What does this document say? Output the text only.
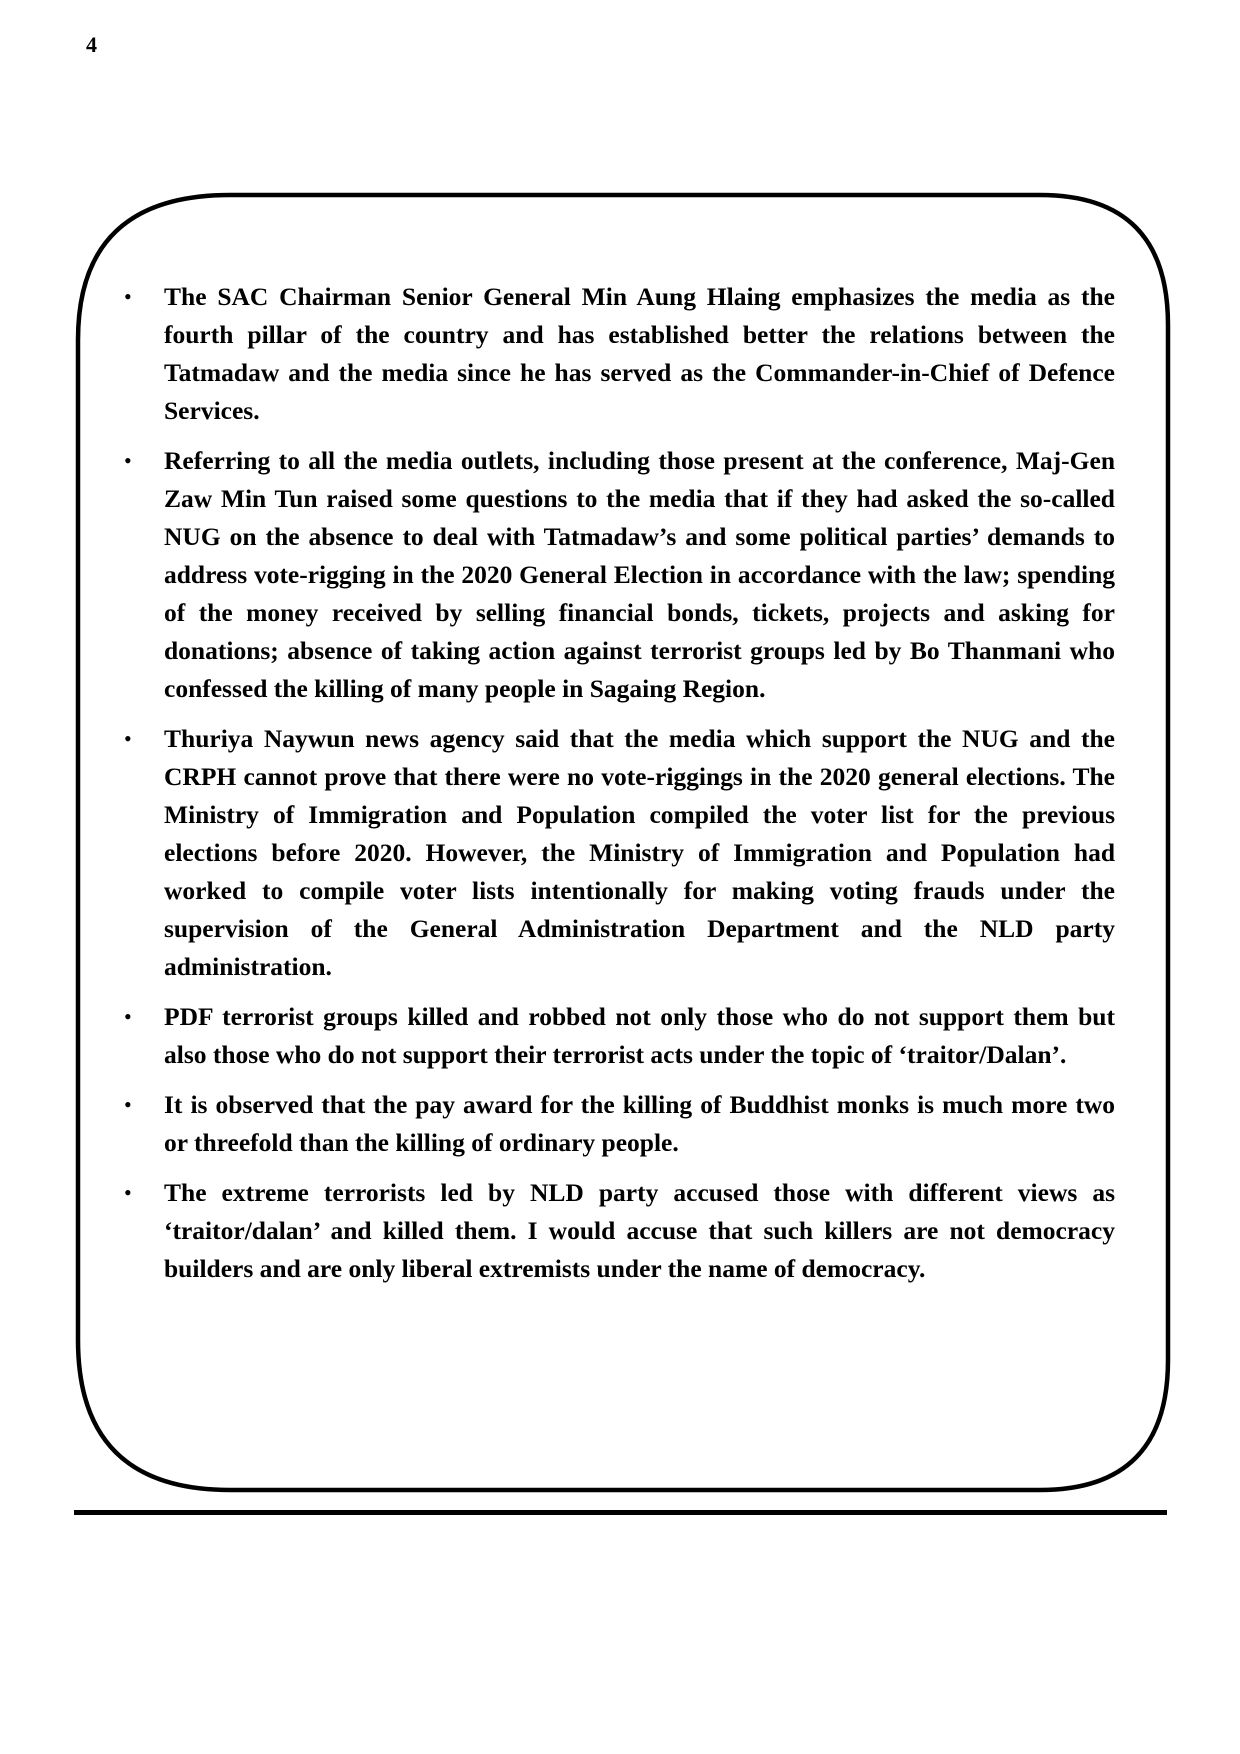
4
•	The SAC Chairman Senior General Min Aung Hlaing emphasizes the media as the fourth pillar of the country and has established better the relations between the Tatmadaw and the media since he has served as the Commander-in-Chief of Defence Services.

•	Referring to all the media outlets, including those present at the conference, Maj-Gen Zaw Min Tun raised some questions to the media that if they had asked the so-called NUG on the absence to deal with Tatmadaw’s and some political parties’ demands to address vote-rigging in the 2020 General Election in accordance with the law; spending of the money received by selling financial bonds, tickets, projects and asking for donations; absence of taking action against terrorist groups led by Bo Thanmani who confessed the killing of many people in Sagaing Region.

•	Thuriya Naywun news agency said that the media which support the NUG and the CRPH cannot prove that there were no vote-riggings in the 2020 general elections. The Ministry of Immigration and Population compiled the voter list for the previous elections before 2020. However, the Ministry of Immigration and Population had worked to compile voter lists intentionally for making voting frauds under the supervision of the General Administration Department and the NLD party administration.

•	PDF terrorist groups killed and robbed not only those who do not support them but also those who do not support their terrorist acts under the topic of ‘traitor/Dalan’.

•	It is observed that the pay award for the killing of Buddhist monks is much more two or threefold than the killing of ordinary people.

•	The extreme terrorists led by NLD party accused those with different views as ‘traitor/dalan’ and killed them. I would accuse that such killers are not democracy builders and are only liberal extremists under the name of democracy.
